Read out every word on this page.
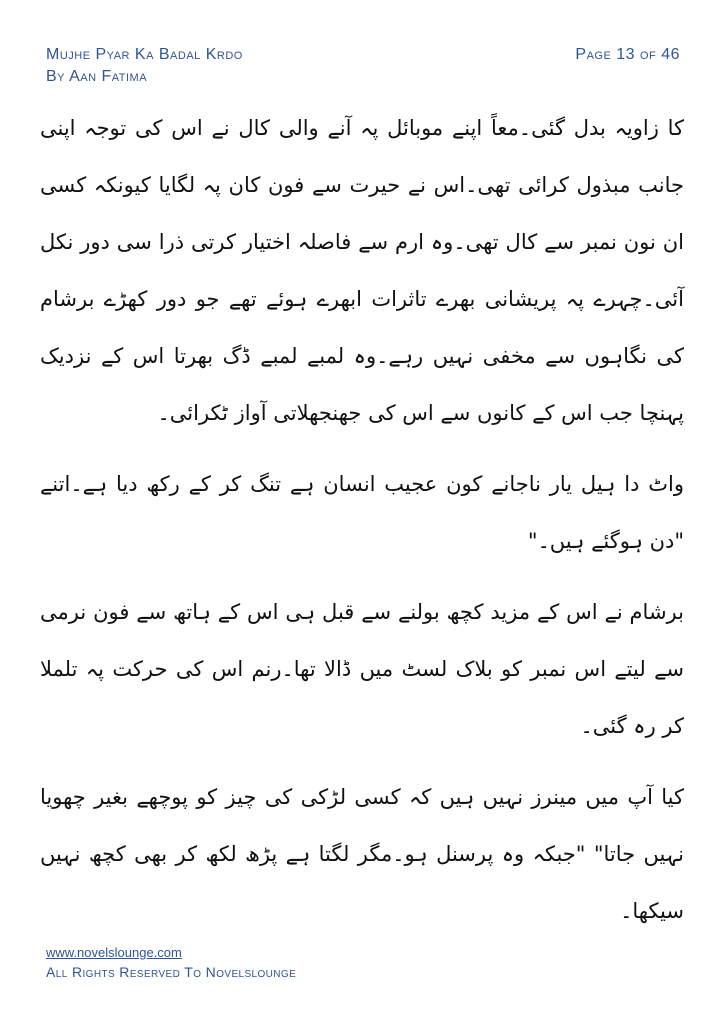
Mujhe Pyar Ka Badal Krdo
By Aan Fatima
Page 13 of 46

کا زاویہ بدل گئی۔معاً اپنے موبائل پہ آنے والی کال نے اس کی توجہ اپنی جانب مبذول کرائی تھی۔اس نے حیرت سے فون کان پہ لگایا کیونکہ کسی ان نون نمبر سے کال تھی۔وہ ارم سے فاصلہ اختیار کرتی ذرا سی دور نکل آئی۔چہرے پہ پریشانی بھرے تاثرات ابھرے ہوئے تھے جو دور کھڑے برشام کی نگاہوں سے مخفی نہیں رہے۔وہ لمبے لمبے ڈگ بھرتا اس کے نزدیک پہنچا جب اس کے کانوں سے اس کی جھنجھلاتی آواز ٹکرائی۔

واٹ دا ہیل یار ناجانے کون عجیب انسان ہے تنگ کر کے رکھ دیا ہے۔اتنے "دن ہوگئے ہیں۔"

برشام نے اس کے مزید کچھ بولنے سے قبل ہی اس کے ہاتھ سے فون نرمی سے لیتے اس نمبر کو بلاک لسٹ میں ڈالا تھا۔رنم اس کی حرکت پہ تلملا کر رہ گئی۔

کیا آپ میں مینرز نہیں ہیں کہ کسی لڑکی کی چیز کو پوچھے بغیر چھویا نہیں جاتا" "جبکہ وہ پرسنل ہو۔مگر لگتا ہے پڑھ لکھ کر بھی کچھ نہیں سیکھا۔

www.novelslounge.com
All Rights Reserved To Novelslounge
